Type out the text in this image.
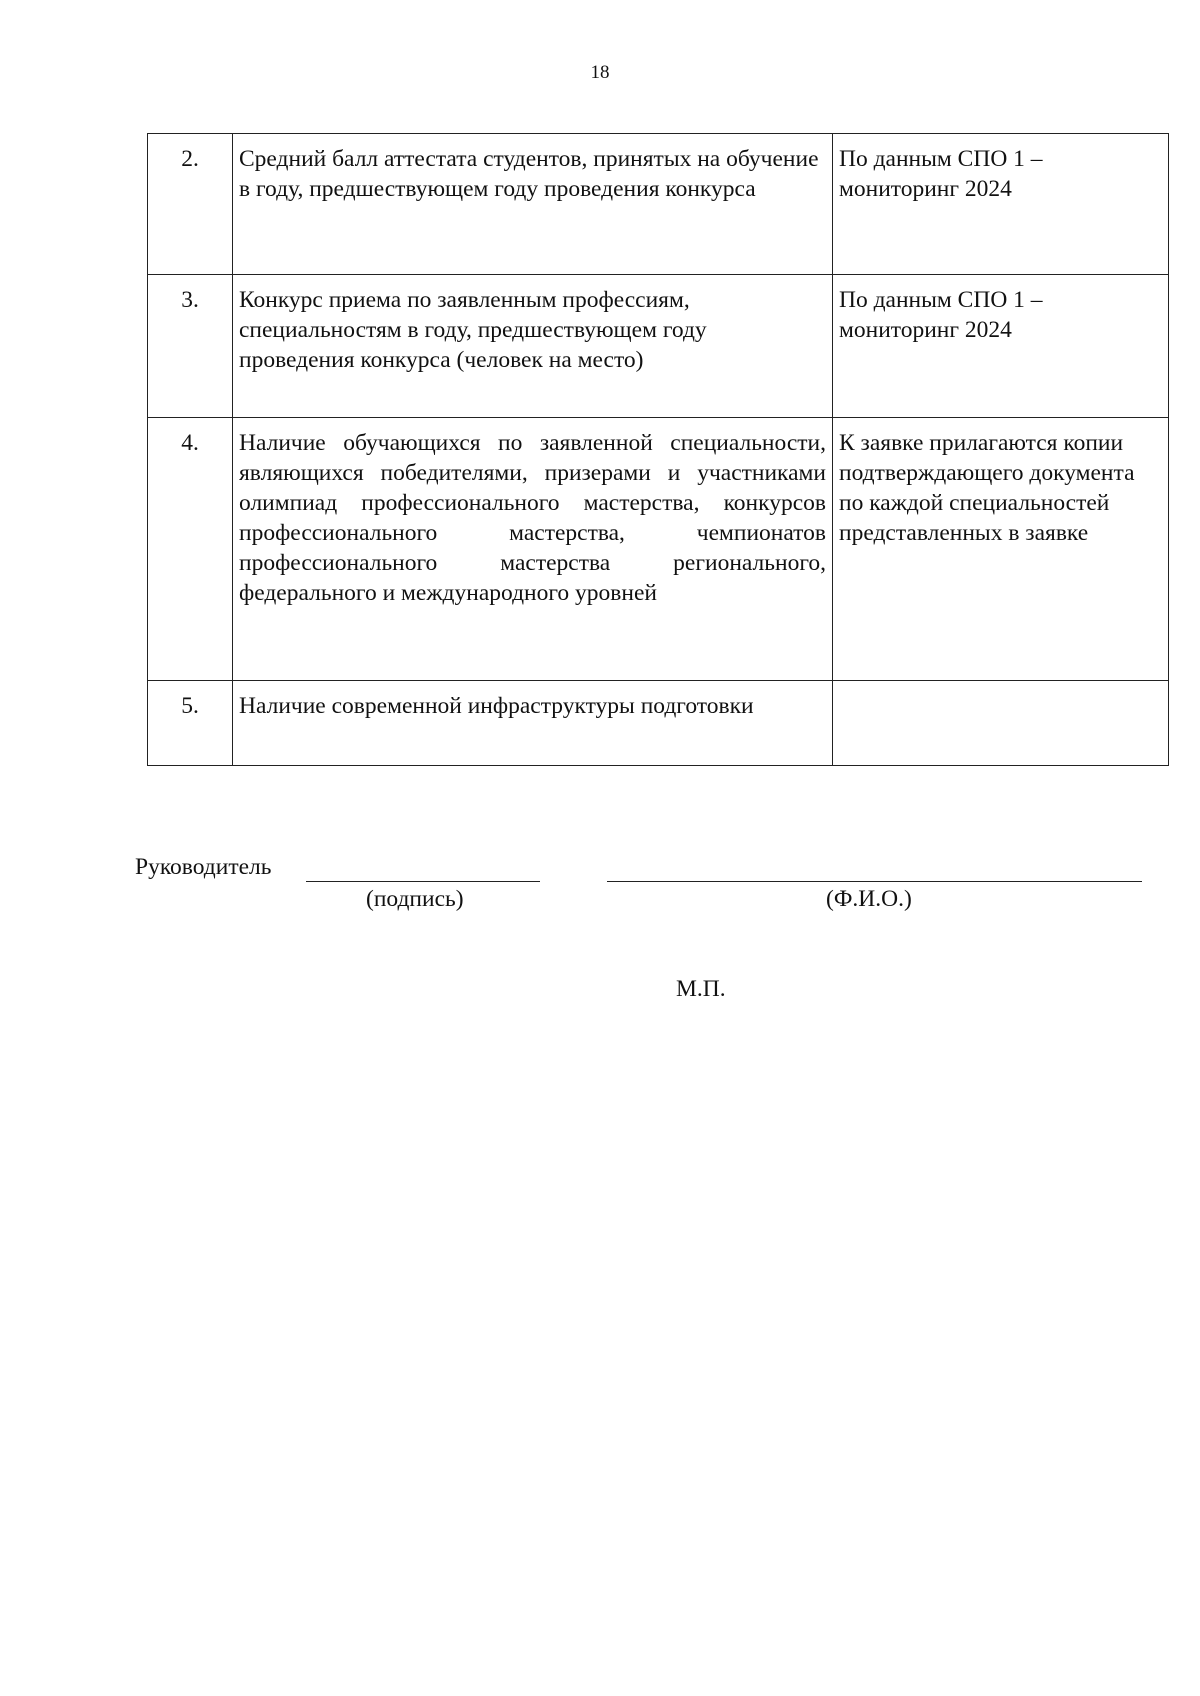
18
2.	Средний балл аттестата студентов, принятых на обучение в году, предшествующем году проведения конкурса	По данным СПО 1 – мониторинг 2024
3.	Конкурс приема по заявленным профессиям, специальностям в году, предшествующем году проведения конкурса (человек на место)	По данным СПО 1 – мониторинг 2024
4.	Наличие обучающихся по заявленной специальности, являющихся победителями, призерами и участниками олимпиад профессионального мастерства, конкурсов профессионального мастерства, чемпионатов профессионального мастерства регионального, федерального и международного уровней	К заявке прилагаются копии подтверждающего документа по каждой специальностей представленных в заявке
5.	Наличие современной инфраструктуры подготовки	
Руководитель
(подпись)	(Ф.И.О.)
М.П.
